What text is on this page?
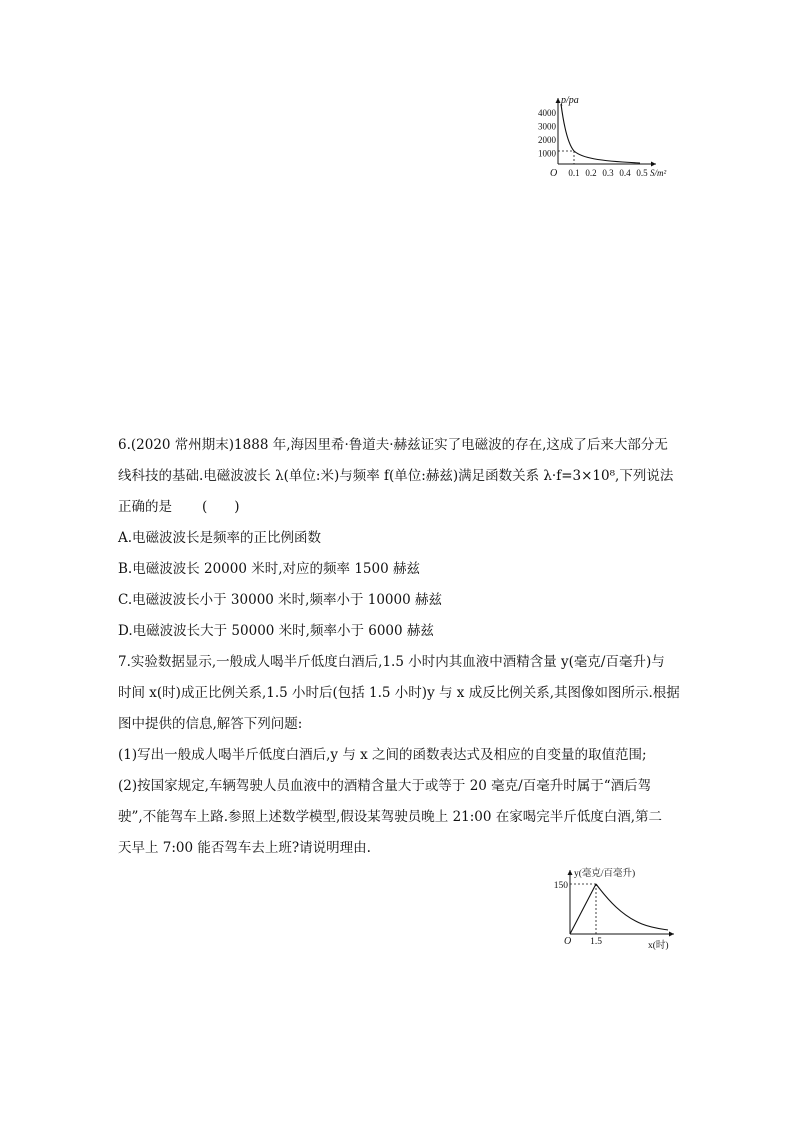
p/pa
4000
3000
2000
1000
O 0.1 0.2 0.3 0.4 0.5 S/m²
6.(2020 常州期末)1888 年,海因里希·鲁道夫·赫兹证实了电磁波的存在,这成了后来大部分无
线科技的基础.电磁波波长 λ(单位:米)与频率 f(单位:赫兹)满足函数关系 λ·f=3×10⁸,下列说法
正确的是 (　　)
A.电磁波波长是频率的正比例函数
B.电磁波波长 20000 米时,对应的频率 1500 赫兹
C.电磁波波长小于 30000 米时,频率小于 10000 赫兹
D.电磁波波长大于 50000 米时,频率小于 6000 赫兹
7.实验数据显示,一般成人喝半斤低度白酒后,1.5 小时内其血液中酒精含量 y(毫克/百毫升)与
时间 x(时)成正比例关系,1.5 小时后(包括 1.5 小时)y 与 x 成反比例关系,其图像如图所示.根据
图中提供的信息,解答下列问题:
(1)写出一般成人喝半斤低度白酒后,y 与 x 之间的函数表达式及相应的自变量的取值范围;
(2)按国家规定,车辆驾驶人员血液中的酒精含量大于或等于 20 毫克/百毫升时属于“酒后驾
驶”,不能驾车上路.参照上述数学模型,假设某驾驶员晚上 21:00 在家喝完半斤低度白酒,第二
天早上 7:00 能否驾车去上班?请说明理由.
y(毫克/百毫升)
150
O 1.5	x(时)
